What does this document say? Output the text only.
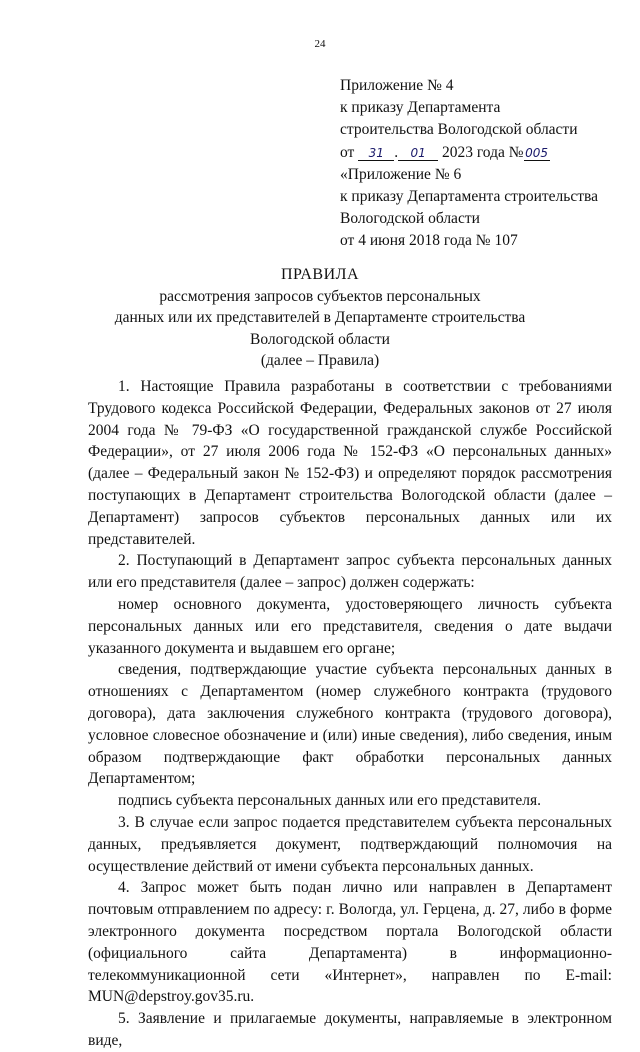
24
Приложение № 4
к приказу Департамента
строительства Вологодской области
от 31 . 01 2023 года № 005
«Приложение № 6
к приказу Департамента строительства
Вологодской области
от 4 июня 2018 года № 107
ПРАВИЛА
рассмотрения запросов субъектов персональных
данных или их представителей в Департаменте строительства
Вологодской области
(далее – Правила)

1. Настоящие Правила разработаны в соответствии с требованиями Трудового кодекса Российской Федерации, Федеральных законов от 27 июля 2004 года № 79-ФЗ «О государственной гражданской службе Российской Федерации», от 27 июля 2006 года № 152-ФЗ «О персональных данных» (далее – Федеральный закон № 152-ФЗ) и определяют порядок рассмотрения поступающих в Департамент строительства Вологодской области (далее – Департамент) запросов субъектов персональных данных или их представителей.

2. Поступающий в Департамент запрос субъекта персональных данных или его представителя (далее – запрос) должен содержать:

номер основного документа, удостоверяющего личность субъекта персональных данных или его представителя, сведения о дате выдачи указанного документа и выдавшем его органе;

сведения, подтверждающие участие субъекта персональных данных в отношениях с Департаментом (номер служебного контракта (трудового договора), дата заключения служебного контракта (трудового договора), условное словесное обозначение и (или) иные сведения), либо сведения, иным образом подтверждающие факт обработки персональных данных Департаментом;

подпись субъекта персональных данных или его представителя.

3. В случае если запрос подается представителем субъекта персональных данных, предъявляется документ, подтверждающий полномочия на осуществление действий от имени субъекта персональных данных.

4. Запрос может быть подан лично или направлен в Департамент почтовым отправлением по адресу: г. Вологда, ул. Герцена, д. 27, либо в форме электронного документа посредством портала Вологодской области (официального сайта Департамента) в информационно-телекоммуникационной сети «Интернет», направлен по E-mail: MUN@depstroy.gov35.ru.

5. Заявление и прилагаемые документы, направляемые в электронном виде,
